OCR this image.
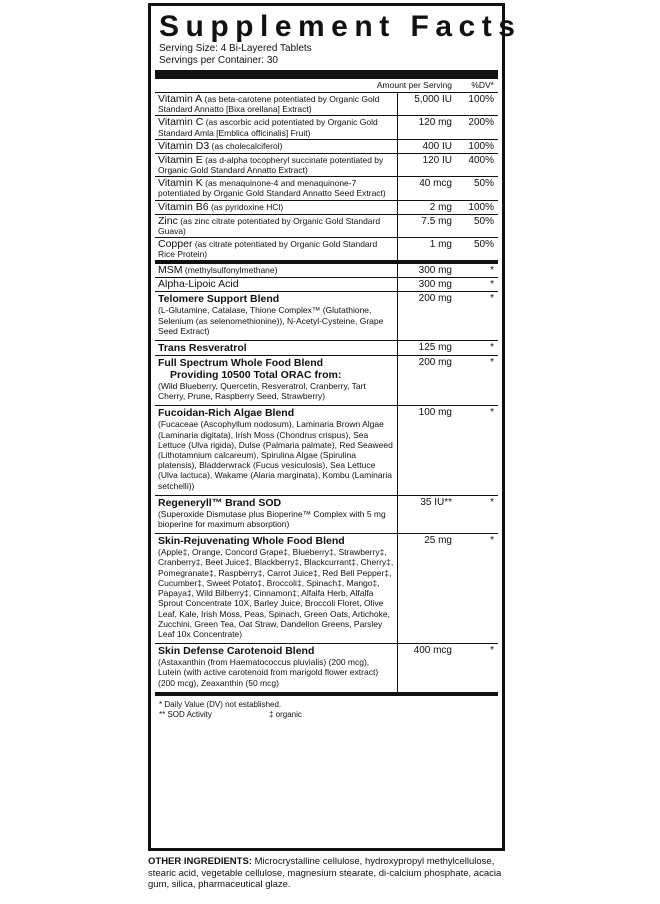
Supplement Facts
Serving Size: 4 Bi-Layered Tablets
Servings per Container: 30
Amount per Serving	%DV*
Vitamin A (as beta-carotene potentiated by Organic Gold Standard Annatto [Bixa orellana] Extract)
5,000 IU	100%
Vitamin C (as ascorbic acid potentiated by Organic Gold Standard Amla [Emblica officinalis] Fruit)
120 mg	200%
Vitamin D3 (as cholecalciferol)	400 IU	100%
Vitamin E (as d-alpha tocopheryl succinate potentiated by Organic Gold Standard Annatto Extract)
120 IU	400%
Vitamin K (as menaquinone-4 and menaquinone-7 potentiated by Organic Gold Standard Annatto Seed Extract)
40 mcg	50%
Vitamin B6 (as pyridoxine HCl)	2 mg	100%
Zinc (as zinc citrate potentiated by Organic Gold Standard Guava)
7.5 mg	50%
Copper (as citrate potentiated by Organic Gold Standard Rice Protein)
1 mg	50%
MSM (methylsulfonylmethane)	300 mg	*
Alpha-Lipoic Acid	300 mg	*
Telomere Support Blend
(L-Glutamine, Catalase, Thione Complex™ (Glutathione, Selenium (as selenomethionine)), N-Acetyl-Cysteine, Grape Seed Extract)
200 mg	*
Trans Resveratrol	125 mg	*
Full Spectrum Whole Food Blend
Providing 10500 Total ORAC from:
(Wild Blueberry, Quercetin, Resveratrol, Cranberry, Tart Cherry, Prune, Raspberry Seed, Strawberry)
200 mg	*
Fucoidan-Rich Algae Blend
(Fucaceae (Ascophyllum nodosum), Laminaria Brown Algae (Laminaria digitata), Irish Moss (Chondrus crispus), Sea Lettuce (Ulva rigida), Dulse (Palmaria palmate), Red Seaweed (Lithotamnium calcareum), Spirulina Algae (Spirulina platensis), Bladderwrack (Fucus vesiculosis), Sea Lettuce (Ulva lactuca), Wakame (Alaria marginata), Kombu (Laminaria setchelli))
100 mg	*
Regeneryll™ Brand SOD
(Superoxide Dismutase plus Bioperine™ Complex with 5 mg bioperine for maximum absorption)
35 IU**	*
Skin-Rejuvenating Whole Food Blend
(Apple‡, Orange, Concord Grape‡, Blueberry‡, Strawberry‡, Cranberry‡, Beet Juice‡, Blackberry‡, Blackcurrant‡, Cherry‡, Pomegranate‡, Raspberry‡, Carrot Juice‡, Red Bell Pepper‡, Cucumber‡, Sweet Potato‡, Broccoli‡, Spinach‡, Mango‡, Papaya‡, Wild Bilberry‡, Cinnamon‡; Alfalfa Herb, Alfalfa Sprout Concentrate 10X, Barley Juice, Broccoli Floret, Olive Leaf, Kale, Irish Moss, Peas, Spinach, Green Oats, Artichoke, Zucchini, Green Tea, Oat Straw, Dandelion Greens, Parsley Leaf 10x Concentrate)
25 mg	*
Skin Defense Carotenoid Blend
(Astaxanthin (from Haematococcus pluvialis) (200 mcg), Lutein (with active carotenoid from marigold flower extract) (200 mcg), Zeaxanthin (50 mcg)
400 mcg	*
* Daily Value (DV) not established.
** SOD Activity	‡ organic
OTHER INGREDIENTS: Microcrystalline cellulose, hydroxypropyl methylcellulose, stearic acid, vegetable cellulose, magnesium stearate, di-calcium phosphate, acacia gum, silica, pharmaceutical glaze.
